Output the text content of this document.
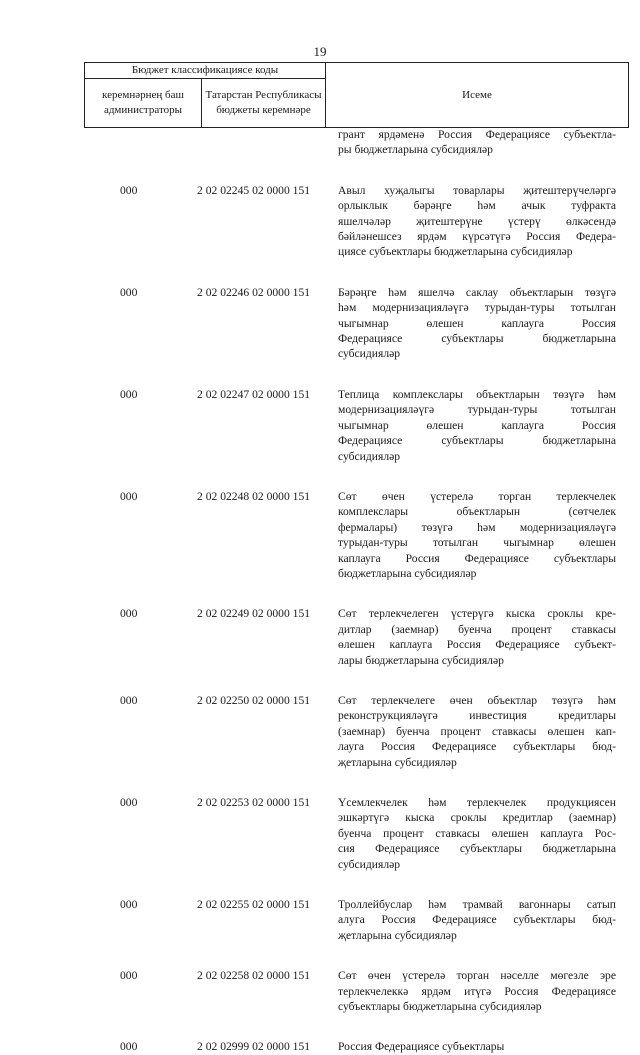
19
Бюджет классификациясе коды		Исеме
керемнәрнең баш администраторы	Татарстан Республикасы бюджеты керемнәре	
грант ярдәменә Россия Федерациясе субъектла-
ры бюджетларына субсидияләр
000	2 02 02245 02 0000 151	Авыл хуҗалыгы товарлары җитештерүчеләргә
орлыклык бәрәңге һәм ачык туфракта
яшелчәләр җитештерүне үстерү өлкәсендә
бәйләнешсез ярдәм күрсәтүгә Россия Федера-
циясе субъектлары бюджетларына субсидияләр
000	2 02 02246 02 0000 151	Бәрәңге һәм яшелчә саклау объектларын төзүгә
һәм модернизацияләүгә турыдан-туры тотылган
чыгымнар өлешен каплауга Россия
Федерациясе субъектлары бюджетларына
субсидияләр
000	2 02 02247 02 0000 151	Теплица комплекслары объектларын төзүгә һәм
модернизацияләүгә турыдан-туры тотылган
чыгымнар өлешен каплауга Россия
Федерациясе субъектлары бюджетларына
субсидияләр
000	2 02 02248 02 0000 151	Сөт өчен үстерелә торган терлекчелек
комплекслары объектларын (сөтчелек
фермалары) төзүгә һәм модернизацияләүгә
турыдан-туры тотылган чыгымнар өлешен
каплауга Россия Федерациясе субъектлары
бюджетларына субсидияләр
000	2 02 02249 02 0000 151	Сөт терлекчелеген үстерүгә кыска сроклы кре-
дитлар (заемнар) буенча процент ставкасы
өлешен каплауга Россия Федерациясе субъект-
лары бюджетларына субсидияләр
000	2 02 02250 02 0000 151	Сөт терлекчелеге өчен объектлар төзүгә һәм
реконструкцияләүгә инвестиция кредитлары
(заемнар) буенча процент ставкасы өлешен кап-
лауга Россия Федерациясе субъектлары бюд-
җетларына субсидияләр
000	2 02 02253 02 0000 151	Үсемлекчелек һәм терлекчелек продукциясен
эшкәртүгә кыска сроклы кредитлар (заемнар)
буенча процент ставкасы өлешен каплауга Рос-
сия Федерациясе субъектлары бюджетларына
субсидияләр
000	2 02 02255 02 0000 151	Троллейбуслар һәм трамвай вагоннары сатып
алуга Россия Федерациясе субъектлары бюд-
җетларына субсидияләр
000	2 02 02258 02 0000 151	Сөт өчен үстерелә торган нәселле мөгезле эре
терлекчелеккә ярдәм итүгә Россия Федерациясе
субъектлары бюджетларына субсидияләр
000	2 02 02999 02 0000 151	Россия Федерациясе субъектлары
